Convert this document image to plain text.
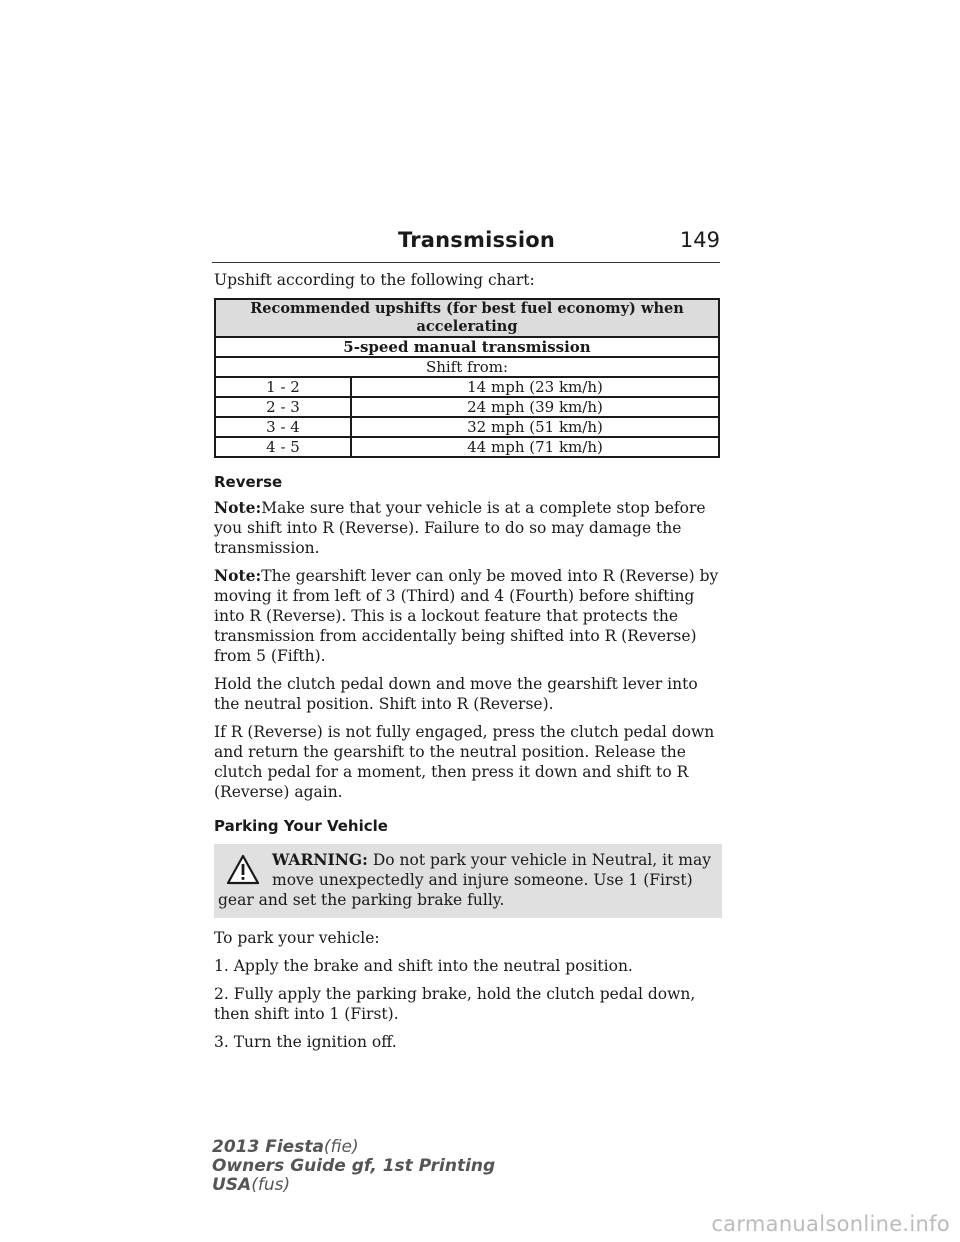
Transmission	149

Upshift according to the following chart:

Recommended upshifts (for best fuel economy) when accelerating	
5-speed manual transmission	
Shift from:	
1 - 2	14 mph (23 km/h)
2 - 3	24 mph (39 km/h)
3 - 4	32 mph (51 km/h)
4 - 5	44 mph (71 km/h)
Reverse

Note:Make sure that your vehicle is at a complete stop before you shift into R (Reverse). Failure to do so may damage the transmission.

Note:The gearshift lever can only be moved into R (Reverse) by moving it from left of 3 (Third) and 4 (Fourth) before shifting into R (Reverse). This is a lockout feature that protects the transmission from accidentally being shifted into R (Reverse) from 5 (Fifth).

Hold the clutch pedal down and move the gearshift lever into the neutral position. Shift into R (Reverse).

If R (Reverse) is not fully engaged, press the clutch pedal down and return the gearshift to the neutral position. Release the clutch pedal for a moment, then press it down and shift to R (Reverse) again.

Parking Your Vehicle
WARNING: Do not park your vehicle in Neutral, it may move unexpectedly and injure someone. Use 1 (First) gear and set the parking brake fully.

To park your vehicle:

1. Apply the brake and shift into the neutral position.

2. Fully apply the parking brake, hold the clutch pedal down, then shift into 1 (First).

3. Turn the ignition off.

2013 Fiesta(fie)
Owners Guide gf, 1st Printing
USA(fus)
carmanualsonline.info
